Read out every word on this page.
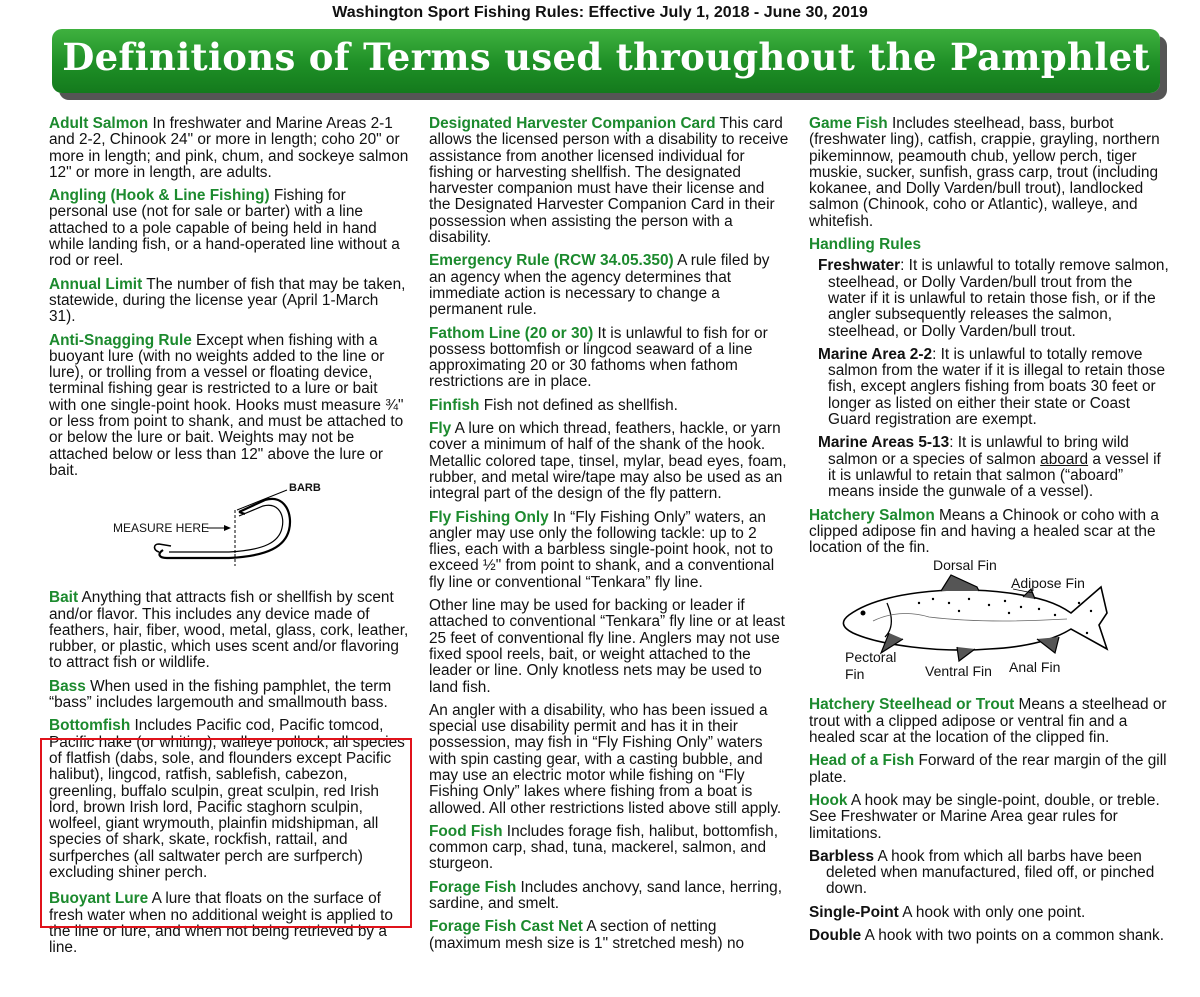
Washington Sport Fishing Rules: Effective July 1, 2018 - June 30, 2019
Definitions of Terms used throughout the Pamphlet

Adult Salmon In freshwater and Marine Areas 2-1 and 2-2, Chinook 24" or more in length; coho 20" or more in length; and pink, chum, and sockeye salmon 12" or more in length, are adults.

Angling (Hook & Line Fishing) Fishing for personal use (not for sale or barter) with a line attached to a pole capable of being held in hand while landing fish, or a hand-operated line without a rod or reel.

Annual Limit The number of fish that may be taken, statewide, during the license year (April 1-March 31).

Anti-Snagging Rule Except when fishing with a buoyant lure (with no weights added to the line or lure), or trolling from a vessel or floating device, terminal fishing gear is restricted to a lure or bait with one single-point hook. Hooks must measure ¾" or less from point to shank, and must be attached to or below the lure or bait. Weights may not be attached below or less than 12" above the lure or bait.

BARB
MEASURE HERE

Bait Anything that attracts fish or shellfish by scent and/or flavor. This includes any device made of feathers, hair, fiber, wood, metal, glass, cork, leather, rubber, or plastic, which uses scent and/or flavoring to attract fish or wildlife.

Bass When used in the fishing pamphlet, the term “bass” includes largemouth and smallmouth bass.

Bottomfish Includes Pacific cod, Pacific tomcod, Pacific hake (or whiting), walleye pollock, all species of flatfish (dabs, sole, and flounders except Pacific halibut), lingcod, ratfish, sablefish, cabezon, greenling, buffalo sculpin, great sculpin, red Irish lord, brown Irish lord, Pacific staghorn sculpin, wolfeel, giant wrymouth, plainfin midshipman, all species of shark, skate, rockfish, rattail, and surfperches (all saltwater perch are surfperch) excluding shiner perch.

Buoyant Lure A lure that floats on the surface of fresh water when no additional weight is applied to the line or lure, and when not being retrieved by a line.

Designated Harvester Companion Card This card allows the licensed person with a disability to receive assistance from another licensed individual for fishing or harvesting shellfish. The designated harvester companion must have their license and the Designated Harvester Companion Card in their possession when assisting the person with a disability.

Emergency Rule (RCW 34.05.350) A rule filed by an agency when the agency determines that immediate action is necessary to change a permanent rule.

Fathom Line (20 or 30) It is unlawful to fish for or possess bottomfish or lingcod seaward of a line approximating 20 or 30 fathoms when fathom restrictions are in place.

Finfish Fish not defined as shellfish.

Fly A lure on which thread, feathers, hackle, or yarn cover a minimum of half of the shank of the hook. Metallic colored tape, tinsel, mylar, bead eyes, foam, rubber, and metal wire/tape may also be used as an integral part of the design of the fly pattern.

Fly Fishing Only In “Fly Fishing Only” waters, an angler may use only the following tackle: up to 2 flies, each with a barbless single-point hook, not to exceed ½" from point to shank, and a conventional fly line or conventional “Tenkara” fly line.

Other line may be used for backing or leader if attached to conventional “Tenkara” fly line or at least 25 feet of conventional fly line. Anglers may not use fixed spool reels, bait, or weight attached to the leader or line. Only knotless nets may be used to land fish.

An angler with a disability, who has been issued a special use disability permit and has it in their possession, may fish in “Fly Fishing Only” waters with spin casting gear, with a casting bubble, and may use an electric motor while fishing on “Fly Fishing Only” lakes where fishing from a boat is allowed. All other restrictions listed above still apply.

Food Fish Includes forage fish, halibut, bottomfish, common carp, shad, tuna, mackerel, salmon, and sturgeon.

Forage Fish Includes anchovy, sand lance, herring, sardine, and smelt.

Forage Fish Cast Net A section of netting (maximum mesh size is 1" stretched mesh) no

Game Fish Includes steelhead, bass, burbot (freshwater ling), catfish, crappie, grayling, northern pikeminnow, peamouth chub, yellow perch, tiger muskie, sucker, sunfish, grass carp, trout (including kokanee, and Dolly Varden/bull trout), landlocked salmon (Chinook, coho or Atlantic), walleye, and whitefish.

Handling Rules

Freshwater: It is unlawful to totally remove salmon, steelhead, or Dolly Varden/bull trout from the water if it is unlawful to retain those fish, or if the angler subsequently releases the salmon, steelhead, or Dolly Varden/bull trout.

Marine Area 2-2: It is unlawful to totally remove salmon from the water if it is illegal to retain those fish, except anglers fishing from boats 30 feet or longer as listed on either their state or Coast Guard registration are exempt.

Marine Areas 5-13: It is unlawful to bring wild salmon or a species of salmon aboard a vessel if it is unlawful to retain that salmon (“aboard” means inside the gunwale of a vessel).

Hatchery Salmon Means a Chinook or coho with a clipped adipose fin and having a healed scar at the location of the fin.

Dorsal Fin
Adipose Fin
Pectoral Fin	Ventral Fin Anal Fin

Hatchery Steelhead or Trout Means a steelhead or trout with a clipped adipose or ventral fin and a healed scar at the location of the clipped fin.

Head of a Fish Forward of the rear margin of the gill plate.

Hook A hook may be single-point, double, or treble. See Freshwater or Marine Area gear rules for limitations.

Barbless A hook from which all barbs have been deleted when manufactured, filed off, or pinched down.

Single-Point A hook with only one point.

Double A hook with two points on a common shank.
